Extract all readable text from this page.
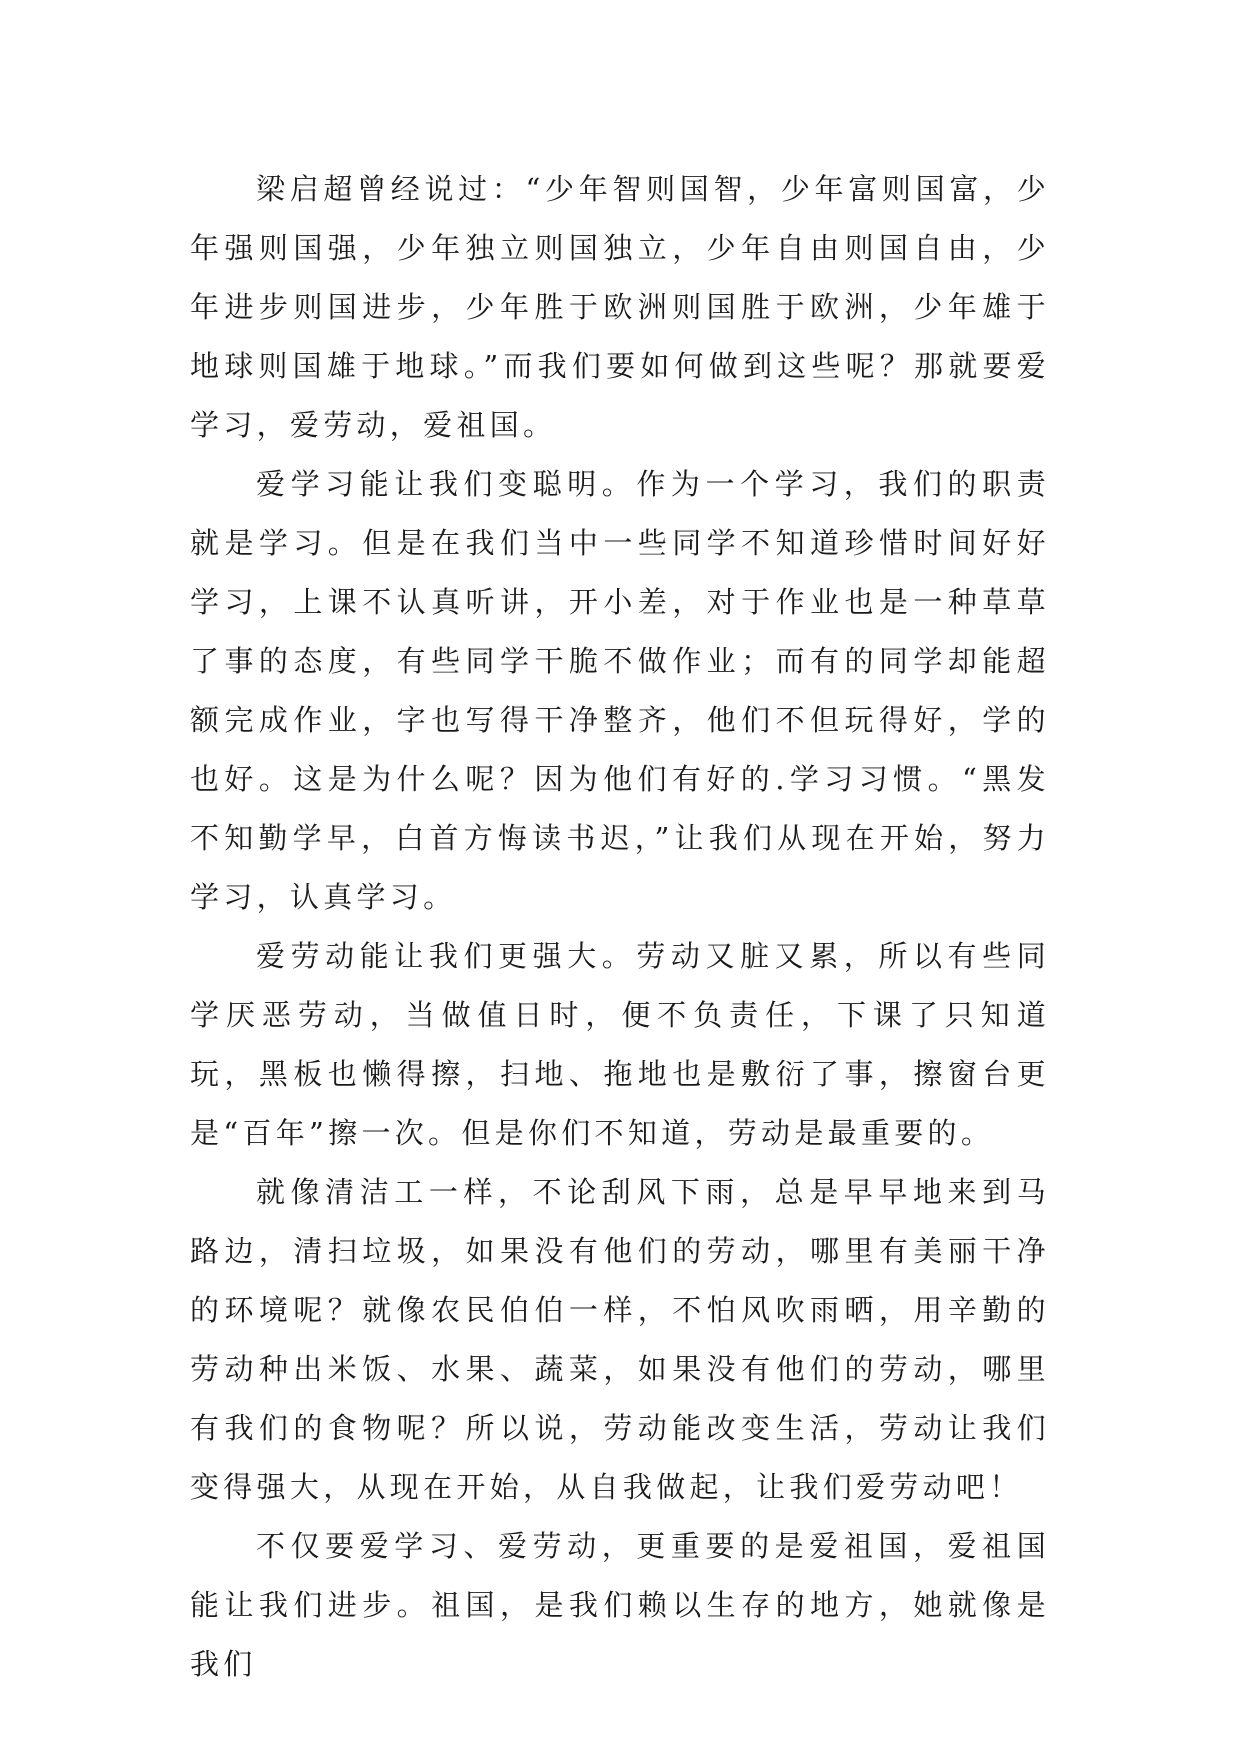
梁启超曾经说过：“少年智则国智，少年富则国富，少年强则国强，少年独立则国独立，少年自由则国自由，少年进步则国进步，少年胜于欧洲则国胜于欧洲，少年雄于地球则国雄于地球。”而我们要如何做到这些呢？那就要爱学习，爱劳动，爱祖国。

爱学习能让我们变聪明。作为一个学习，我们的职责就是学习。但是在我们当中一些同学不知道珍惜时间好好学习，上课不认真听讲，开小差，对于作业也是一种草草了事的态度，有些同学干脆不做作业；而有的同学却能超额完成作业，字也写得干净整齐，他们不但玩得好，学的也好。这是为什么呢？因为他们有好的.学习习惯。“黑发不知勤学早，白首方悔读书迟，”让我们从现在开始，努力学习，认真学习。

爱劳动能让我们更强大。劳动又脏又累，所以有些同学厌恶劳动，当做值日时，便不负责任，下课了只知道玩，黑板也懒得擦，扫地、拖地也是敷衍了事，擦窗台更是“百年”擦一次。但是你们不知道，劳动是最重要的。

就像清洁工一样，不论刮风下雨，总是早早地来到马路边，清扫垃圾，如果没有他们的劳动，哪里有美丽干净的环境呢？就像农民伯伯一样，不怕风吹雨晒，用辛勤的劳动种出米饭、水果、蔬菜，如果没有他们的劳动，哪里有我们的食物呢？所以说，劳动能改变生活，劳动让我们变得强大，从现在开始，从自我做起，让我们爱劳动吧！

不仅要爱学习、爱劳动，更重要的是爱祖国，爱祖国能让我们进步。祖国，是我们赖以生存的地方，她就像是我们
